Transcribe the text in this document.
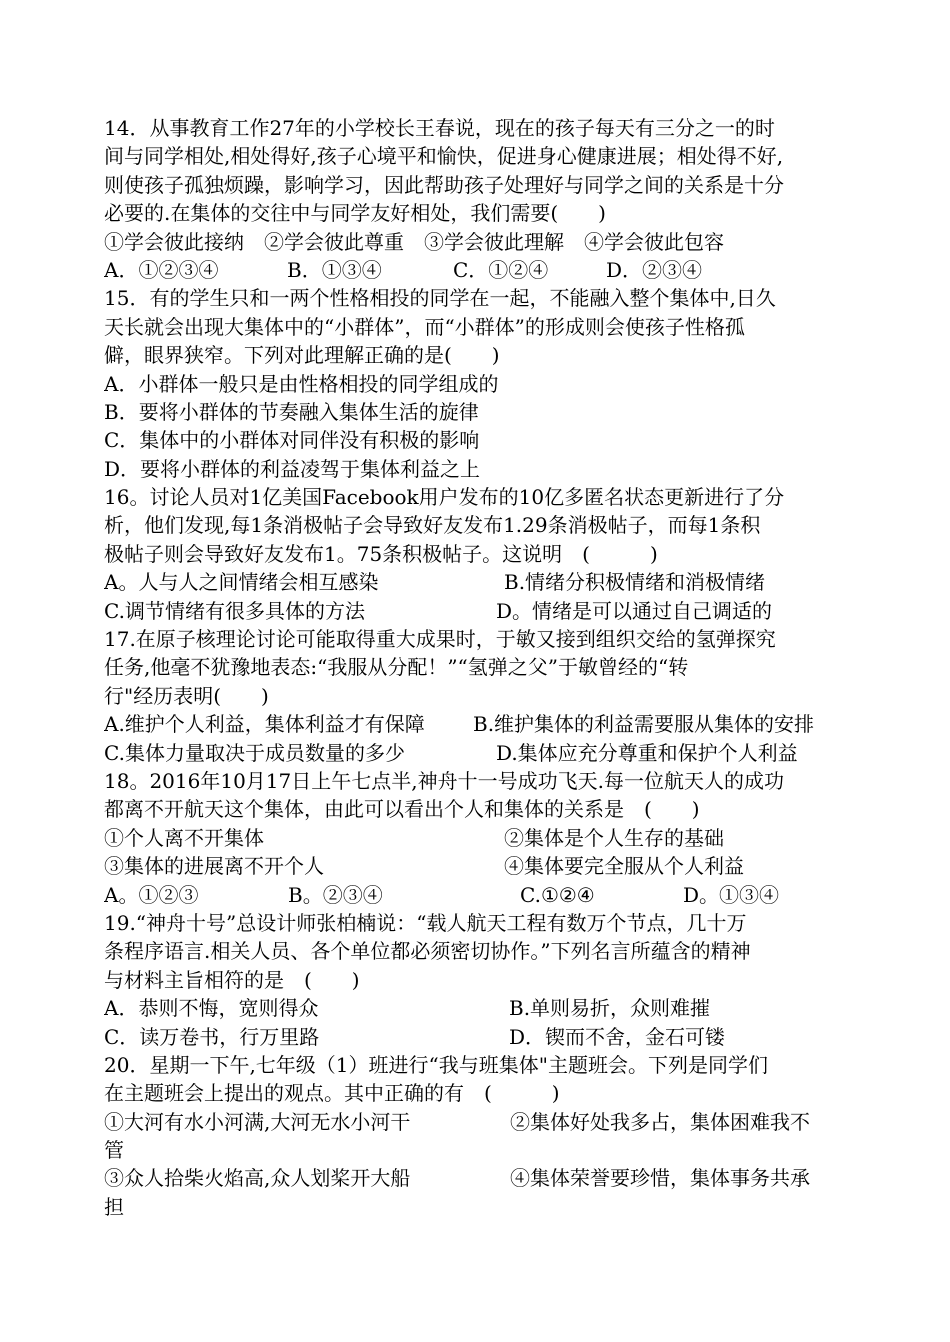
14．从事教育工作27年的小学校长王春说，现在的孩子每天有三分之一的时
间与同学相处,相处得好,孩子心境平和愉快，促进身心健康进展；相处得不好,
则使孩子孤独烦躁，影响学习，因此帮助孩子处理好与同学之间的关系是十分
必要的.在集体的交往中与同学友好相处，我们需要(　　)
①学会彼此接纳　②学会彼此尊重　③学会彼此理解　④学会彼此包容
A．①②③④	B．①③④	C．①②④	D．②③④
15．有的学生只和一两个性格相投的同学在一起，不能融入整个集体中,日久
天长就会出现大集体中的“小群体”，而“小群体”的形成则会使孩子性格孤
僻，眼界狭窄。下列对此理解正确的是(　　)
A．小群体一般只是由性格相投的同学组成的
B．要将小群体的节奏融入集体生活的旋律
C．集体中的小群体对同伴没有积极的影响
D．要将小群体的利益凌驾于集体利益之上
16。讨论人员对1亿美国Facebook用户发布的10亿多匿名状态更新进行了分
析，他们发现,每1条消极帖子会导致好友发布1.29条消极帖子，而每1条积
极帖子则会导致好友发布1。75条积极帖子。这说明　(　　　)
A。人与人之间情绪会相互感染	B.情绪分积极情绪和消极情绪
C.调节情绪有很多具体的方法	D。情绪是可以通过自己调适的
17.在原子核理论讨论可能取得重大成果时，于敏又接到组织交给的氢弹探究
任务,他毫不犹豫地表态:“我服从分配！”“氢弹之父”于敏曾经的“转
行"经历表明(　　)
A.维护个人利益，集体利益才有保障	B.维护集体的利益需要服从集体的安排
C.集体力量取决于成员数量的多少	D.集体应充分尊重和保护个人利益
18。2016年10月17日上午七点半,神舟十一号成功飞天.每一位航天人的成功
都离不开航天这个集体，由此可以看出个人和集体的关系是　(　　)
①个人离不开集体	②集体是个人生存的基础
③集体的进展离不开个人	④集体要完全服从个人利益
A。①②③	B。②③④	C.①②④	D。①③④
19.“神舟十号”总设计师张柏楠说：“载人航天工程有数万个节点，几十万
条程序语言.相关人员、各个单位都必须密切协作。”下列名言所蕴含的精神
与材料主旨相符的是　(　　)
A．恭则不悔，宽则得众	B.单则易折，众则难摧
C．读万卷书，行万里路	D．锲而不舍，金石可镂
20．星期一下午,七年级（1）班进行“我与班集体"主题班会。下列是同学们
在主题班会上提出的观点。其中正确的有　(　　　)
①大河有水小河满,大河无水小河干	②集体好处我多占，集体困难我不
管
③众人拾柴火焰高,众人划桨开大船	④集体荣誉要珍惜，集体事务共承
担
